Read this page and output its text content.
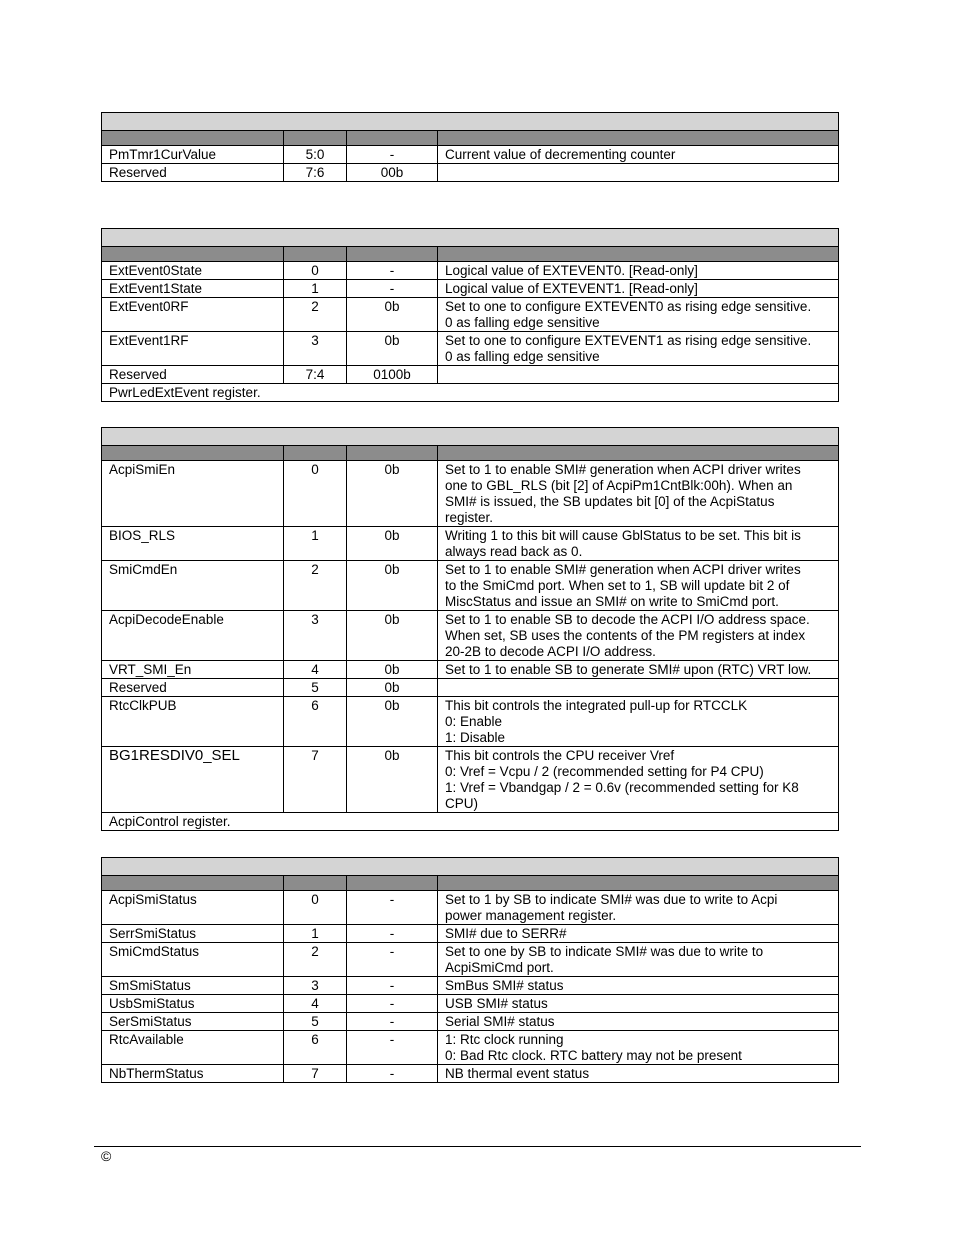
PmTmr1CurValue	5:0	-	Current value of decrementing counter
Reserved	7:6	00b	

ExtEvent0State	0	-	Logical value of EXTEVENT0. [Read-only]
ExtEvent1State	1	-	Logical value of EXTEVENT1. [Read-only]
ExtEvent0RF	2	0b	Set to one to configure EXTEVENT0 as rising edge sensitive.
0 as falling edge sensitive
ExtEvent1RF	3	0b	Set to one to configure EXTEVENT1 as rising edge sensitive.
0 as falling edge sensitive
Reserved	7:4	0100b	
PwrLedExtEvent register.			

AcpiSmiEn	0	0b	Set to 1 to enable SMI# generation when ACPI driver writes
one to GBL_RLS (bit [2] of AcpiPm1CntBlk:00h). When an
SMI# is issued, the SB updates bit [0] of the AcpiStatus
register.
BIOS_RLS	1	0b	Writing 1 to this bit will cause GblStatus to be set. This bit is
always read back as 0.
SmiCmdEn	2	0b	Set to 1 to enable SMI# generation when ACPI driver writes
to the SmiCmd port. When set to 1, SB will update bit 2 of
MiscStatus and issue an SMI# on write to SmiCmd port.
AcpiDecodeEnable	3	0b	Set to 1 to enable SB to decode the ACPI I/O address space.
When set, SB uses the contents of the PM registers at index
20-2B to decode ACPI I/O address.
VRT_SMI_En	4	0b	Set to 1 to enable SB to generate SMI# upon (RTC) VRT low.
Reserved	5	0b	
RtcClkPUB	6	0b	This bit controls the integrated pull-up for RTCCLK
0: Enable
1: Disable
BG1RESDIV0_SEL	7	0b	This bit controls the CPU receiver Vref
0: Vref = Vcpu / 2 (recommended setting for P4 CPU)
1: Vref = Vbandgap / 2 = 0.6v (recommended setting for K8
CPU)
AcpiControl register.			

AcpiSmiStatus	0	-	Set to 1 by SB to indicate SMI# was due to write to Acpi
power management register.
SerrSmiStatus	1	-	SMI# due to SERR#
SmiCmdStatus	2	-	Set to one by SB to indicate SMI# was due to write to
AcpiSmiCmd port.
SmSmiStatus	3	-	SmBus SMI# status
UsbSmiStatus	4	-	USB SMI# status
SerSmiStatus	5	-	Serial SMI# status
RtcAvailable	6	-	1: Rtc clock running
0: Bad Rtc clock. RTC battery may not be present
NbThermStatus	7	-	NB thermal event status
©
